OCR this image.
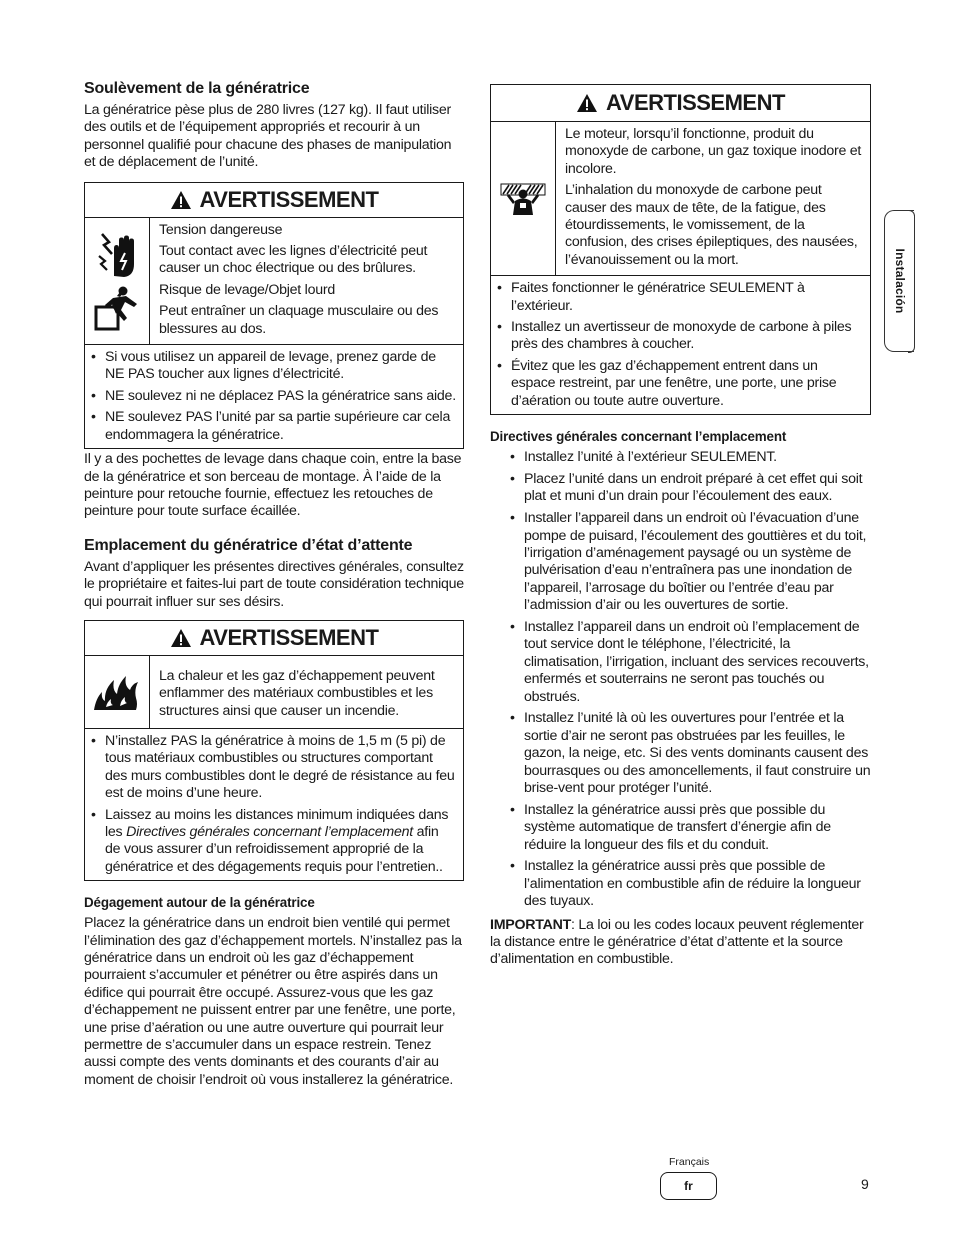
Soulèvement de la génératrice

La génératrice pèse plus de 280 livres (127 kg). Il faut utiliser des outils et de l’équipement appropriés et recourir à un personnel qualifié pour chacune des phases de manipulation et de déplacement de l’unité.

AVERTISSEMENT

Tension dangereuse

Tout contact avec les lignes d’électricité peut causer un choc électrique ou des brûlures.

Risque de levage/Objet lourd

Peut entraîner un claquage musculaire ou des blessures au dos.

• Si vous utilisez un appareil de levage, prenez garde de NE PAS toucher aux lignes d’électricité.
• NE soulevez ni ne déplacez PAS la génératrice sans aide.
• NE soulevez PAS l’unité par sa partie supérieure car cela endommagera la génératrice.

Il y a des pochettes de levage dans chaque coin, entre la base de la génératrice et son berceau de montage. À l’aide de la peinture pour retouche fournie, effectuez les retouches de peinture pour toute surface écaillée.

Emplacement du génératrice d’état d’attente

Avant d’appliquer les présentes directives générales, consultez le propriétaire et faites-lui part de toute considération technique qui pourrait influer sur ses désirs.

AVERTISSEMENT

La chaleur et les gaz d’échappement peuvent enflammer des matériaux combustibles et les structures ainsi que causer un incendie.

• N’installez PAS la génératrice à moins de 1,5 m (5 pi) de tous matériaux combustibles ou structures comportant des murs combustibles dont le degré de résistance au feu est de moins d’une heure.
• Laissez au moins les distances minimum indiquées dans les Directives générales concernant l’emplacement afin de vous assurer d’un refroidissement approprié de la génératrice et des dégagements requis pour l’entretien..
Dégagement autour de la génératrice

Placez la génératrice dans un endroit bien ventilé qui permet l’élimination des gaz d’échappement mortels. N’installez pas la génératrice dans un endroit où les gaz d’échappement pourraient s’accumuler et pénétrer ou être aspirés dans un édifice qui pourrait être occupé. Assurez-vous que les gaz d’échappement ne puissent entrer par une fenêtre, une porte, une prise d’aération ou une autre ouverture qui pourrait leur permettre de s’accumuler dans un espace restrein. Tenez aussi compte des vents dominants et des courants d’air au moment de choisir l’endroit où vous installerez la génératrice.

AVERTISSEMENT

Le moteur, lorsqu’il fonctionne, produit du monoxyde de carbone, un gaz toxique inodore et incolore.

L’inhalation du monoxyde de carbone peut causer des maux de tête, de la fatigue, des étourdissements, le vomissement, de la confusion, des crises épileptiques, des nausées, l’évanouissement ou la mort.

• Faites fonctionner le génératrice SEULEMENT à l’extérieur.
• Installez un avertisseur de monoxyde de carbone à piles près des chambres à coucher.
• Évitez que les gaz d’échappement entrent dans un espace restreint, par une fenêtre, une porte, une prise d’aération ou toute autre ouverture.
Directives générales concernant l’emplacement
• Installez l’unité à l’extérieur SEULEMENT.
• Placez l’unité dans un endroit préparé à cet effet qui soit plat et muni d’un drain pour l’écoulement des eaux.
• Installer l’appareil dans un endroit où l’évacuation d’une pompe de puisard, l’écoulement des gouttières et du toit, l’irrigation d’aménagement paysagé ou un système de pulvérisation d’eau n’entraînera pas une inondation de l’appareil, l’arrosage du boîtier ou l’entrée d’eau par l’admission d’air ou les ouvertures de sortie.
• Installez l’appareil dans un endroit où l’emplacement de tout service dont le téléphone, l’électricité, la climatisation, l’irrigation, incluant des services recouverts, enfermés et souterrains ne seront pas touchés ou obstrués.
• Installez l’unité là où les ouvertures pour l’entrée et la sortie d’air ne seront pas obstruées par les feuilles, le gazon, la neige, etc. Si des vents dominants causent des bourrasques ou des amoncellements, il faut construire un brise-vent pour protéger l’unité.
• Installez la génératrice aussi près que possible du système automatique de transfert d’énergie afin de réduire la longueur des fils et du conduit.
• Installez la génératrice aussi près que possible de l’alimentation en combustible afin de réduire la longueur des tuyaux.

IMPORTANT: La loi ou les codes locaux peuvent réglementer la distance entre le génératrice d’état d’attente et la source d’alimentation en combustible.

Instalación
Français
fr	9
